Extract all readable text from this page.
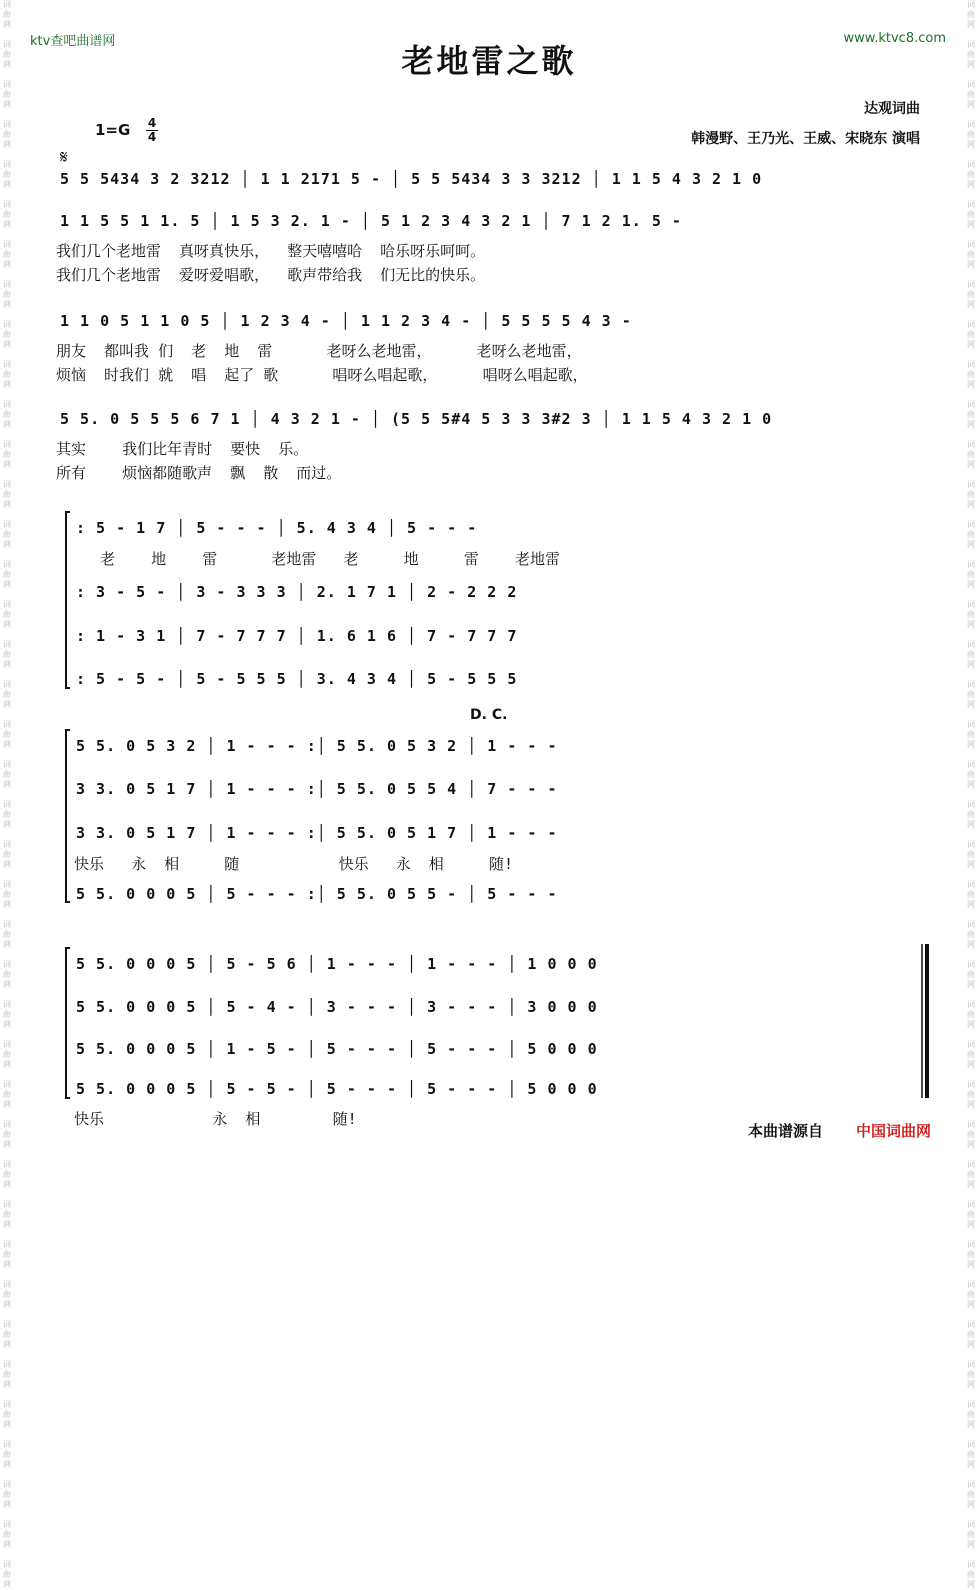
词
曲
网

词
曲
网

词
曲
网

词
曲
网

词
曲
网

词
曲
网

词
曲
网

词
曲
网

词
曲
网

词
曲
网

词
曲
网

词
曲
网

词
曲
网

词
曲
网

词
曲
网

词
曲
网

词
曲
网

词
曲
网

词
曲
网

词
曲
网

词
曲
网

词
曲
网

词
曲
网

词
曲
网

词
曲
网

词
曲
网

词
曲
网

词
曲
网

词
曲
网

词
曲
网

词
曲
网

词
曲
网

词
曲
网

词
曲
网

词
曲
网

词
曲
网

词
曲
网

词
曲
网

词
曲
网

词
曲
网

词
曲
网

词
曲
网

词
曲
网

词
曲
网

词
曲
网

词
曲
网

词
曲
网

词
曲
网

词
曲
网

词
曲
网

词
曲
网

词
曲
网

词
曲
网

词
曲
网

词
曲
网

词
曲
网

词
曲
网

词
曲
网

词
曲
网

词
曲
网

词
曲
网

词
曲
网

词
曲
网

词
曲
网

词
曲
网

词
曲
网

词
曲
网

词
曲
网

词
曲
网

词
曲
网

词
曲
网

词
曲
网

词
曲
网

词
曲
网

词
曲
网

词
曲
网

词
曲
网

词
曲
网

词
曲
网

词
曲
网

ktv查吧曲谱网	www.ktvc8.com
老地雷之歌
达观词曲
韩漫野、王乃光、王威、宋晓东 演唱
1=G 4
4
𝄋
5 5 5434 3 2 3212 │ 1 1 2171 5 - │ 5 5 5434 3 3 3212 │ 1 1 5 4 3 2 1 0
1 1 5 5 1 1. 5 │ 1 5 3 2. 1 - │ 5 1 2 3 4 3 2 1 │ 7 1 2 1. 5 -
我们几个老地雷  真呀真快乐，  整天嘻嘻哈  哈乐呀乐呵呵。
我们几个老地雷  爱呀爱唱歌，  歌声带给我  们无比的快乐。
1 1 0 5 1 1 0 5 │ 1 2 3 4 - │ 1 1 2 3 4 - │ 5 5 5 5 4 3 -
朋友  都叫我 们  老  地  雷      老呀么老地雷，     老呀么老地雷，
烦恼  时我们 就  唱  起了 歌      唱呀么唱起歌，     唱呀么唱起歌，
5 5. 0 5 5 5 6 7 1 │ 4 3 2 1 - │ (5 5 5#4 5 3 3 3#2 3 │ 1 1 5 4 3 2 1 0
其实    我们比年青时  要快  乐。
所有    烦恼都随歌声  飘  散  而过。
: 5 - 1 7 │ 5 - - - │ 5. 4 3 4 │ 5 - - -
老    地    雷      老地雷   老     地     雷    老地雷
: 3 - 5 - │ 3 - 3 3 3 │ 2. 1 7 1 │ 2 - 2 2 2
: 1 - 3 1 │ 7 - 7 7 7 │ 1. 6 1 6 │ 7 - 7 7 7
: 5 - 5 - │ 5 - 5 5 5 │ 3. 4 3 4 │ 5 - 5 5 5
D. C.
5 5. 0 5 3 2 │ 1 - - - :│ 5 5. 0 5 3 2 │ 1 - - -
3 3. 0 5 1 7 │ 1 - - - :│ 5 5. 0 5 5 4 │ 7 - - -
3 3. 0 5 1 7 │ 1 - - - :│ 5 5. 0 5 1 7 │ 1 - - -
快乐   永  相     随           快乐   永  相     随!
5 5. 0 0 0 5 │ 5 - - - :│ 5 5. 0 5 5 - │ 5 - - -
5 5. 0 0 0 5 │ 5 - 5 6 │ 1 - - - │ 1 - - - │ 1 0 0 0
5 5. 0 0 0 5 │ 5 - 4 - │ 3 - - - │ 3 - - - │ 3 0 0 0
5 5. 0 0 0 5 │ 1 - 5 - │ 5 - - - │ 5 - - - │ 5 0 0 0
5 5. 0 0 0 5 │ 5 - 5 - │ 5 - - - │ 5 - - - │ 5 0 0 0
快乐            永  相        随!
本曲谱源自 中国词曲网
